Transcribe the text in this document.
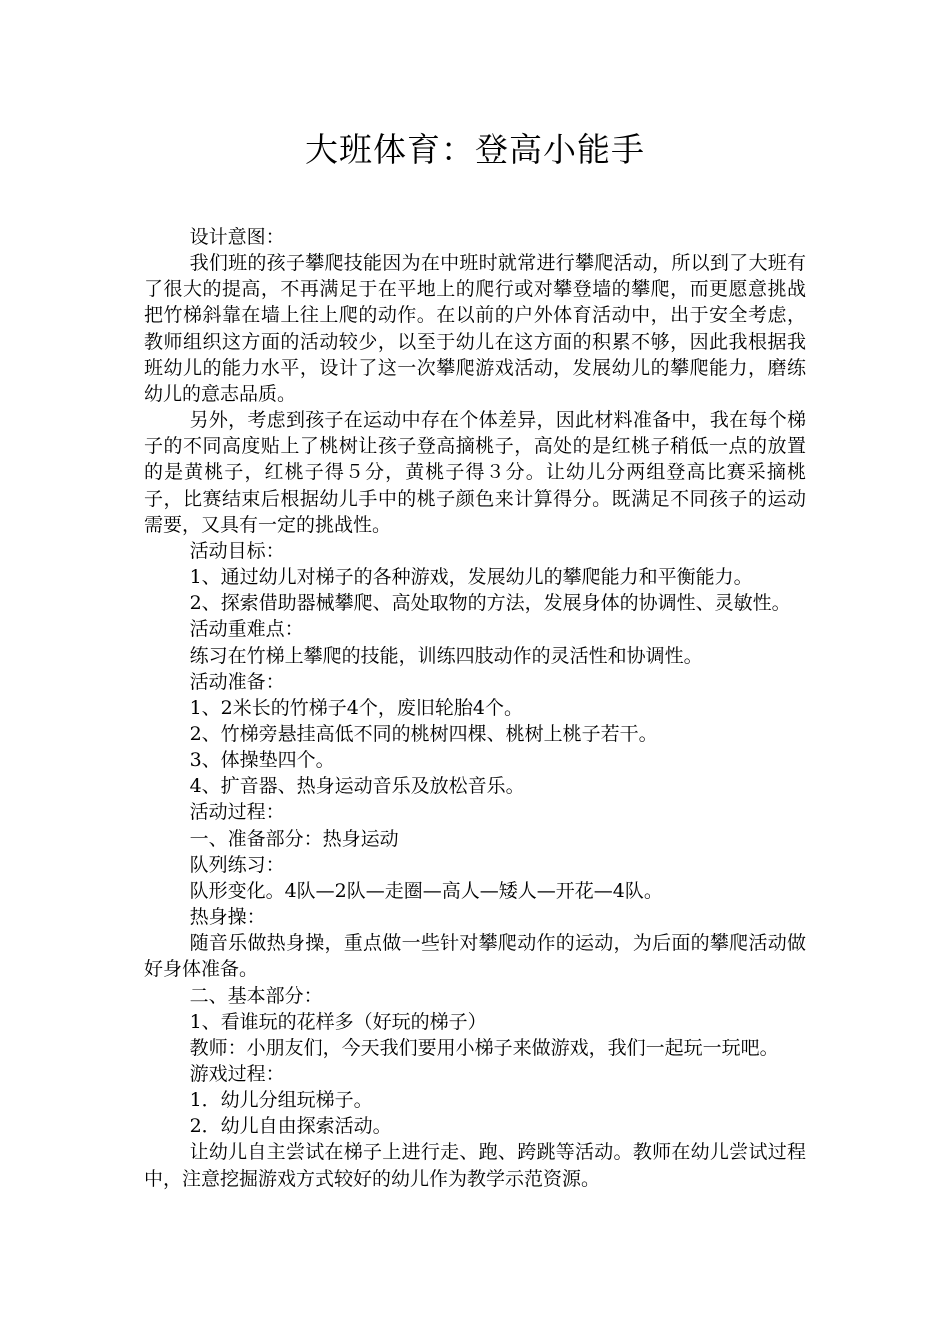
大班体育：登高小能手

设计意图：

我们班的孩子攀爬技能因为在中班时就常进行攀爬活动，所以到了大班有了很大的提高，不再满足于在平地上的爬行或对攀登墙的攀爬，而更愿意挑战把竹梯斜靠在墙上往上爬的动作。在以前的户外体育活动中，出于安全考虑，教师组织这方面的活动较少，以至于幼儿在这方面的积累不够，因此我根据我班幼儿的能力水平，设计了这一次攀爬游戏活动，发展幼儿的攀爬能力，磨练幼儿的意志品质。

另外，考虑到孩子在运动中存在个体差异，因此材料准备中，我在每个梯子的不同高度贴上了桃树让孩子登高摘桃子，高处的是红桃子稍低一点的放置的是黄桃子，红桃子得５分，黄桃子得３分。让幼儿分两组登高比赛采摘桃子，比赛结束后根据幼儿手中的桃子颜色来计算得分。既满足不同孩子的运动需要，又具有一定的挑战性。

活动目标：

1、通过幼儿对梯子的各种游戏，发展幼儿的攀爬能力和平衡能力。

2、探索借助器械攀爬、高处取物的方法，发展身体的协调性、灵敏性。

活动重难点：

练习在竹梯上攀爬的技能，训练四肢动作的灵活性和协调性。

活动准备：

1、2米长的竹梯子4个，废旧轮胎4个。

2、竹梯旁悬挂高低不同的桃树四棵、桃树上桃子若干。

3、体操垫四个。

4、扩音器、热身运动音乐及放松音乐。

活动过程：

一、准备部分：热身运动

队列练习：

队形变化。4队—2队—走圈—高人—矮人—开花—4队。

热身操：

随音乐做热身操，重点做一些针对攀爬动作的运动，为后面的攀爬活动做好身体准备。

二、基本部分：

1、看谁玩的花样多（好玩的梯子）

教师：小朋友们，今天我们要用小梯子来做游戏，我们一起玩一玩吧。

游戏过程：

1．幼儿分组玩梯子。

2．幼儿自由探索活动。

让幼儿自主尝试在梯子上进行走、跑、跨跳等活动。教师在幼儿尝试过程中，注意挖掘游戏方式较好的幼儿作为教学示范资源。
